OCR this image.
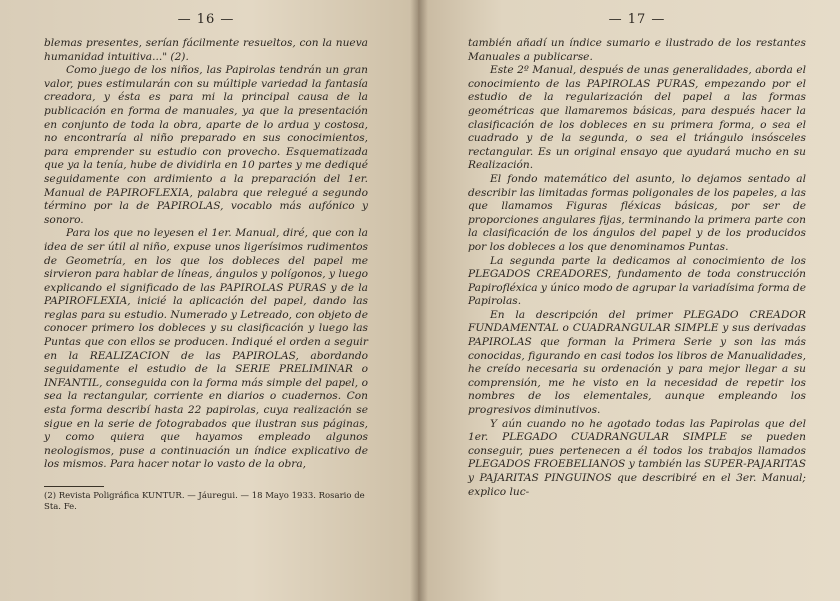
— 16 —

blemas presentes, serían fácilmente resueltos, con la nueva humanidad intuitiva..." (2).

Como juego de los niños, las Papirolas tendrán un gran valor, pues estimularán con su múltiple variedad la fantasía creadora, y ésta es para mi la principal causa de la publicación en forma de manuales, ya que la presentación en conjunto de toda la obra, aparte de lo ardua y costosa, no encontraría al niño preparado en sus conocimientos, para emprender su estudio con provecho. Esquematizada que ya la tenía, hube de dividirla en 10 partes y me dediqué seguidamente con ardimiento a la preparación del 1er. Manual de PAPIROFLEXIA, palabra que relegué a segundo término por la de PAPIROLAS, vocablo más aufónico y sonoro.

Para los que no leyesen el 1er. Manual, diré, que con la idea de ser útil al niño, expuse unos ligerísimos rudimentos de Geometría, en los que los dobleces del papel me sirvieron para hablar de líneas, ángulos y polígonos, y luego explicando el significado de las PAPIROLAS PURAS y de la PAPIROFLEXIA, inicié la aplicación del papel, dando las reglas para su estudio. Numerado y Letreado, con objeto de conocer primero los dobleces y su clasificación y luego las Puntas que con ellos se producen. Indiqué el orden a seguir en la REALIZACION de las PAPIROLAS, abordando seguidamente el estudio de la SERIE PRELIMINAR o INFANTIL, conseguida con la forma más simple del papel, o sea la rectangular, corriente en diarios o cuadernos. Con esta forma describí hasta 22 papirolas, cuya realización se sigue en la serie de fotograbados que ilustran sus páginas, y como quiera que hayamos empleado algunos neologismos, puse a continuación un índice explicativo de los mismos. Para hacer notar lo vasto de la obra,

(2) Revista Poligráfica KUNTUR. — Jáuregui. — 18 Mayo 1933. Rosario de Sta. Fe.
— 17 —

también añadí un índice sumario e ilustrado de los restantes Manuales a publicarse.

Este 2º Manual, después de unas generalidades, aborda el conocimiento de las PAPIROLAS PURAS, empezando por el estudio de la regularización del papel a las formas geométricas que llamaremos básicas, para después hacer la clasificación de los dobleces en su primera forma, o sea el cuadrado y de la segunda, o sea el triángulo insósceles rectangular. Es un original ensayo que ayudará mucho en su Realización.

El fondo matemático del asunto, lo dejamos sentado al describir las limitadas formas poligonales de los papeles, a las que llamamos Figuras fléxicas básicas, por ser de proporciones angulares fijas, terminando la primera parte con la clasificación de los ángulos del papel y de los producidos por los dobleces a los que denominamos Puntas.

La segunda parte la dedicamos al conocimiento de los PLEGADOS CREADORES, fundamento de toda construcción Papirofléxica y único modo de agrupar la variadísima forma de Papirolas.

En la descripción del primer PLEGADO CREADOR FUNDAMENTAL o CUADRANGULAR SIMPLE y sus derivadas PAPIROLAS que forman la Primera Serie y son las más conocidas, figurando en casi todos los libros de Manualidades, he creído necesaria su ordenación y para mejor llegar a su comprensión, me he visto en la necesidad de repetir los nombres de los elementales, aunque empleando los progresivos diminutivos.

Y aún cuando no he agotado todas las Papirolas que del 1er. PLEGADO CUADRANGULAR SIMPLE se pueden conseguir, pues pertenecen a él todos los trabajos llamados PLEGADOS FROEBELIANOS y también las SUPER-PAJARITAS y PAJARITAS PINGUINOS que describiré en el 3er. Manual; explico luc-
